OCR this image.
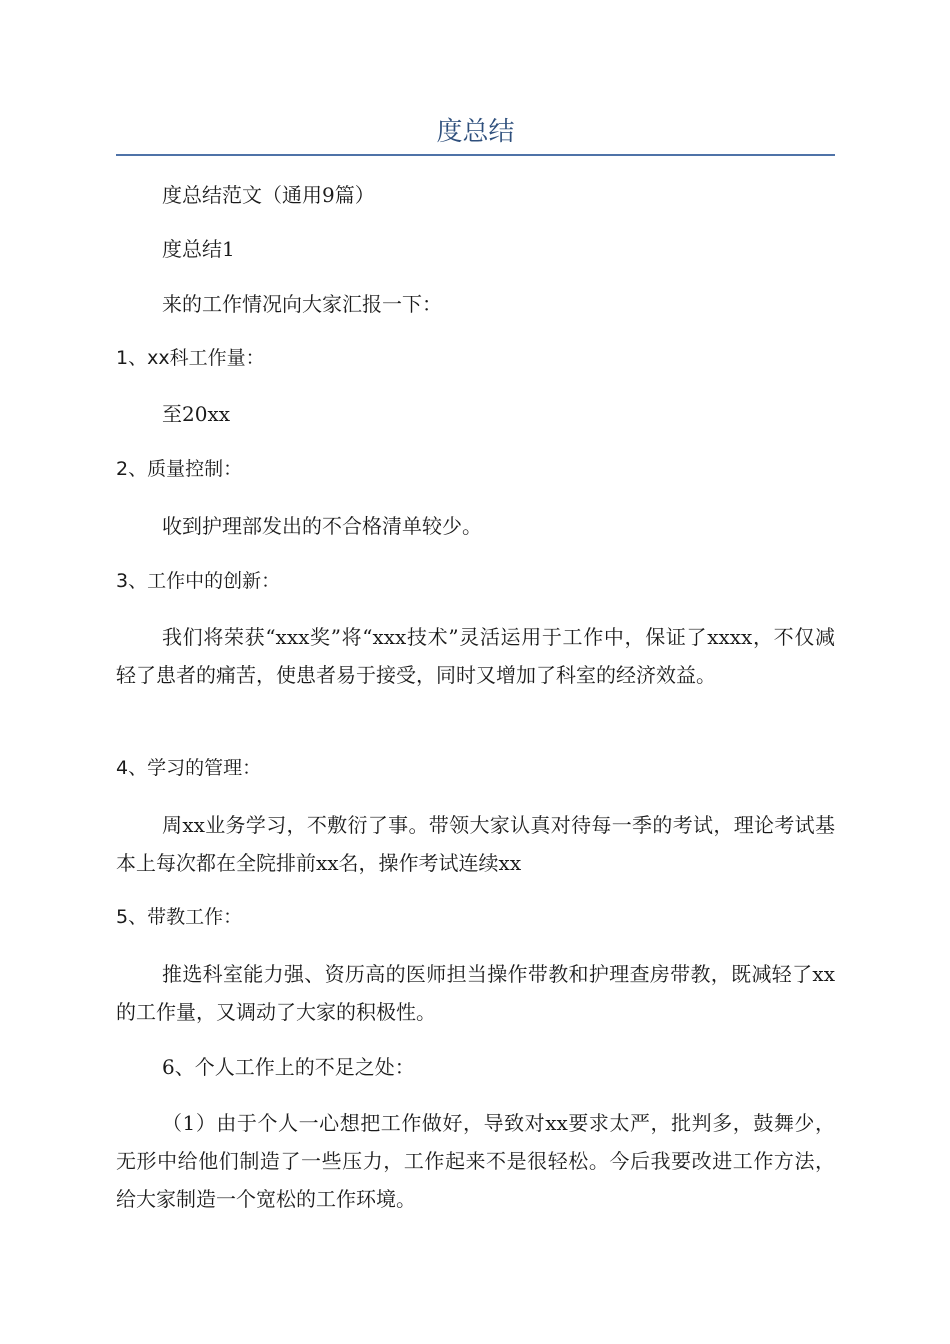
度总结

度总结范文（通用9篇）

度总结1

来的工作情况向大家汇报一下：

1、xx科工作量：

至20xx

2、质量控制：

收到护理部发出的不合格清单较少。

3、工作中的创新：

我们将荣获“xxx奖”将“xxx技术”灵活运用于工作中，保证了xxxx，不仅减轻了患者的痛苦，使患者易于接受，同时又增加了科室的经济效益。

4、学习的管理：

周xx业务学习，不敷衍了事。带领大家认真对待每一季的考试，理论考试基本上每次都在全院排前xx名，操作考试连续xx

5、带教工作：

推选科室能力强、资历高的医师担当操作带教和护理查房带教，既减轻了xx的工作量，又调动了大家的积极性。

6、个人工作上的不足之处：

（1）由于个人一心想把工作做好，导致对xx要求太严，批判多，鼓舞少，无形中给他们制造了一些压力，工作起来不是很轻松。今后我要改进工作方法，给大家制造一个宽松的工作环境。
